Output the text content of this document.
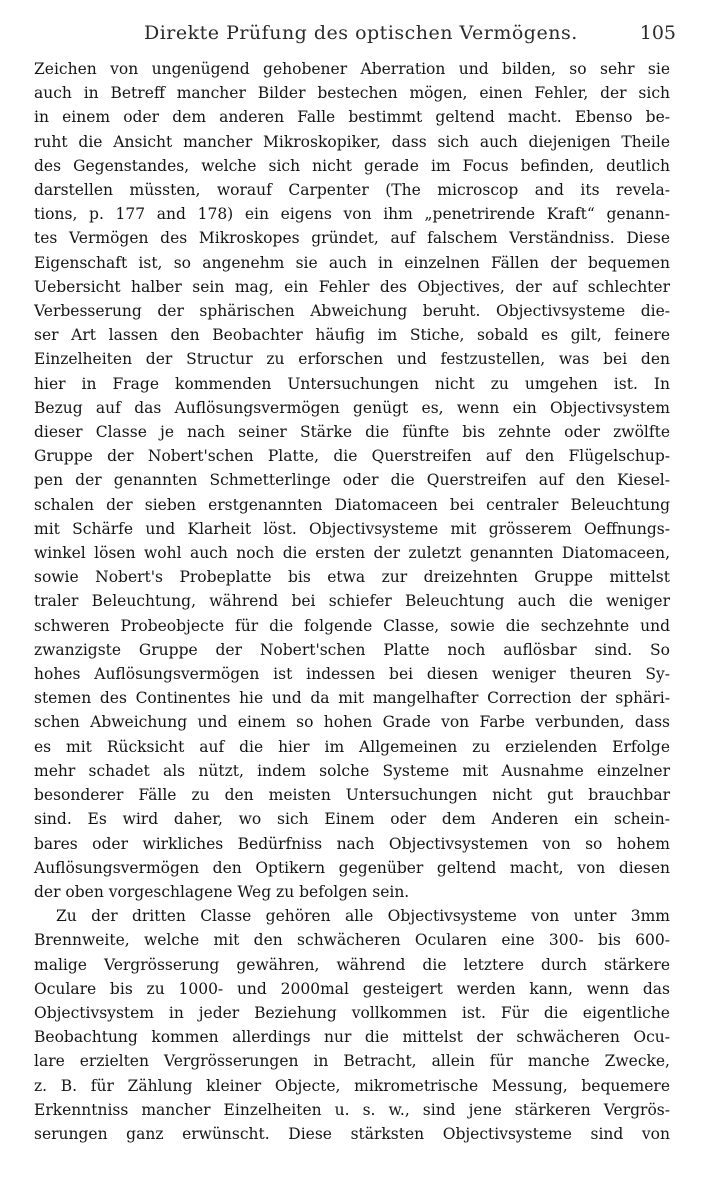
Direkte Prüfung des optischen Vermögens.	105
Zeichen von ungenügend gehobener Aberration und bilden, so sehr sie
auch in Betreff mancher Bilder bestechen mögen, einen Fehler, der sich
in einem oder dem anderen Falle bestimmt geltend macht. Ebenso be-
ruht die Ansicht mancher Mikroskopiker, dass sich auch diejenigen Theile
des Gegenstandes, welche sich nicht gerade im Focus befinden, deutlich
darstellen müssten, worauf Carpenter (The microscop and its revela-
tions, p. 177 and 178) ein eigens von ihm „penetrirende Kraft“ genann-
tes Vermögen des Mikroskopes gründet, auf falschem Verständniss. Diese
Eigenschaft ist, so angenehm sie auch in einzelnen Fällen der bequemen
Uebersicht halber sein mag, ein Fehler des Objectives, der auf schlechter
Verbesserung der sphärischen Abweichung beruht. Objectivsysteme die-
ser Art lassen den Beobachter häufig im Stiche, sobald es gilt, feinere
Einzelheiten der Structur zu erforschen und festzustellen, was bei den
hier in Frage kommenden Untersuchungen nicht zu umgehen ist. In
Bezug auf das Auflösungsvermögen genügt es, wenn ein Objectivsystem
dieser Classe je nach seiner Stärke die fünfte bis zehnte oder zwölfte
Gruppe der Nobert'schen Platte, die Querstreifen auf den Flügelschup-
pen der genannten Schmetterlinge oder die Querstreifen auf den Kiesel-
schalen der sieben erstgenannten Diatomaceen bei centraler Beleuchtung
mit Schärfe und Klarheit löst. Objectivsysteme mit grösserem Oeffnungs-
winkel lösen wohl auch noch die ersten der zuletzt genannten Diatomaceen,
sowie Nobert's Probeplatte bis etwa zur dreizehnten Gruppe mittelst
traler Beleuchtung, während bei schiefer Beleuchtung auch die weniger
schweren Probeobjecte für die folgende Classe, sowie die sechzehnte und
zwanzigste Gruppe der Nobert'schen Platte noch auflösbar sind. So
hohes Auflösungsvermögen ist indessen bei diesen weniger theuren Sy-
stemen des Continentes hie und da mit mangelhafter Correction der sphäri-
schen Abweichung und einem so hohen Grade von Farbe verbunden, dass
es mit Rücksicht auf die hier im Allgemeinen zu erzielenden Erfolge
mehr schadet als nützt, indem solche Systeme mit Ausnahme einzelner
besonderer Fälle zu den meisten Untersuchungen nicht gut brauchbar
sind. Es wird daher, wo sich Einem oder dem Anderen ein schein-
bares oder wirkliches Bedürfniss nach Objectivsystemen von so hohem
Auflösungsvermögen den Optikern gegenüber geltend macht, von diesen
der oben vorgeschlagene Weg zu befolgen sein.
Zu der dritten Classe gehören alle Objectivsysteme von unter 3mm
Brennweite, welche mit den schwächeren Ocularen eine 300- bis 600-
malige Vergrösserung gewähren, während die letztere durch stärkere
Oculare bis zu 1000- und 2000mal gesteigert werden kann, wenn das
Objectivsystem in jeder Beziehung vollkommen ist. Für die eigentliche
Beobachtung kommen allerdings nur die mittelst der schwächeren Ocu-
lare erzielten Vergrösserungen in Betracht, allein für manche Zwecke,
z. B. für Zählung kleiner Objecte, mikrometrische Messung, bequemere
Erkenntniss mancher Einzelheiten u. s. w., sind jene stärkeren Vergrös-
serungen ganz erwünscht. Diese stärksten Objectivsysteme sind von
